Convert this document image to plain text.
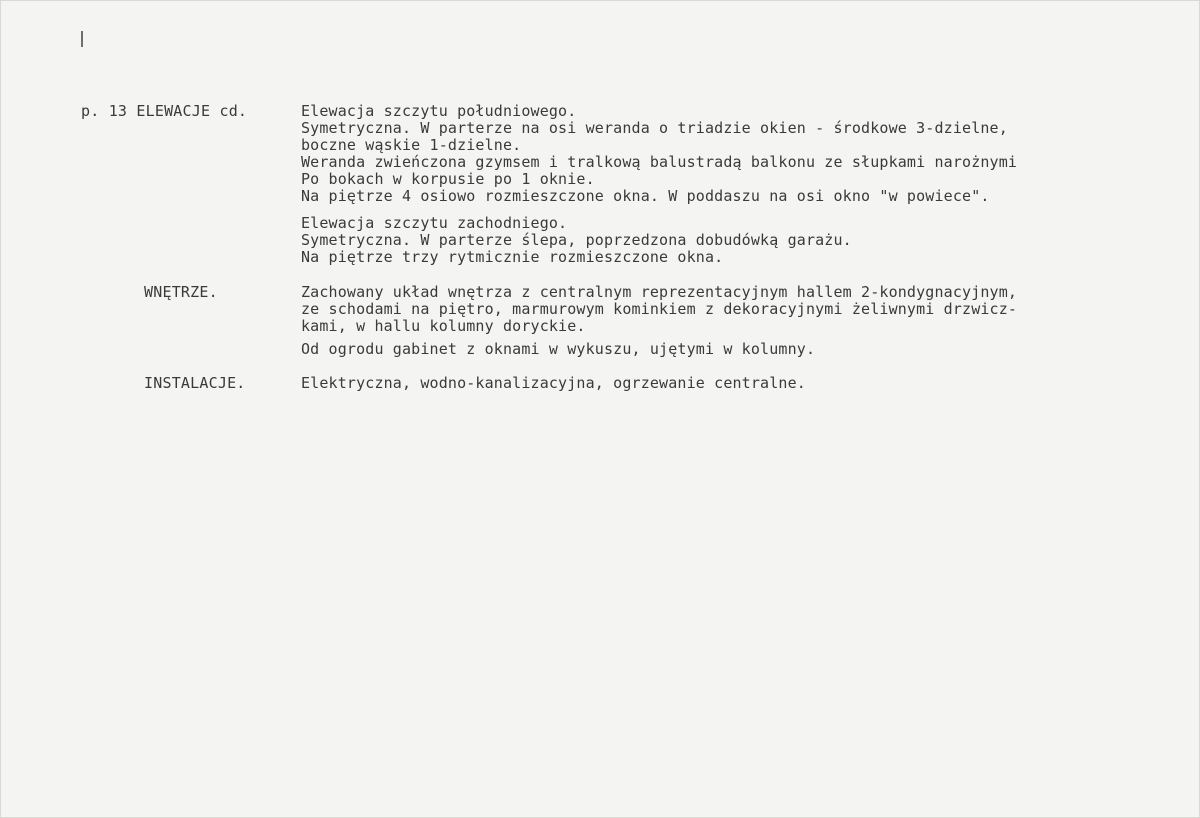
p. 13 ELEWACJE cd.	Elewacja szczytu południowego.
Symetryczna. W parterze na osi weranda o triadzie okien - środkowe 3-dzielne,
boczne wąskie 1-dzielne.
Weranda zwieńczona gzymsem i tralkową balustradą balkonu ze słupkami narożnymi
Po bokach w korpusie po 1 oknie.
Na piętrze 4 osiowo rozmieszczone okna. W poddaszu na osi okno "w powiece".
Elewacja szczytu zachodniego.
Symetryczna. W parterze ślepa, poprzedzona dobudówką garażu.
Na piętrze trzy rytmicznie rozmieszczone okna.
WNĘTRZE.	Zachowany układ wnętrza z centralnym reprezentacyjnym hallem 2-kondygnacyjnym,
ze schodami na piętro, marmurowym kominkiem z dekoracyjnymi żeliwnymi drzwicz-
kami, w hallu kolumny doryckie.
Od ogrodu gabinet z oknami w wykuszu, ujętymi w kolumny.
INSTALACJE.	Elektryczna, wodno-kanalizacyjna, ogrzewanie centralne.
